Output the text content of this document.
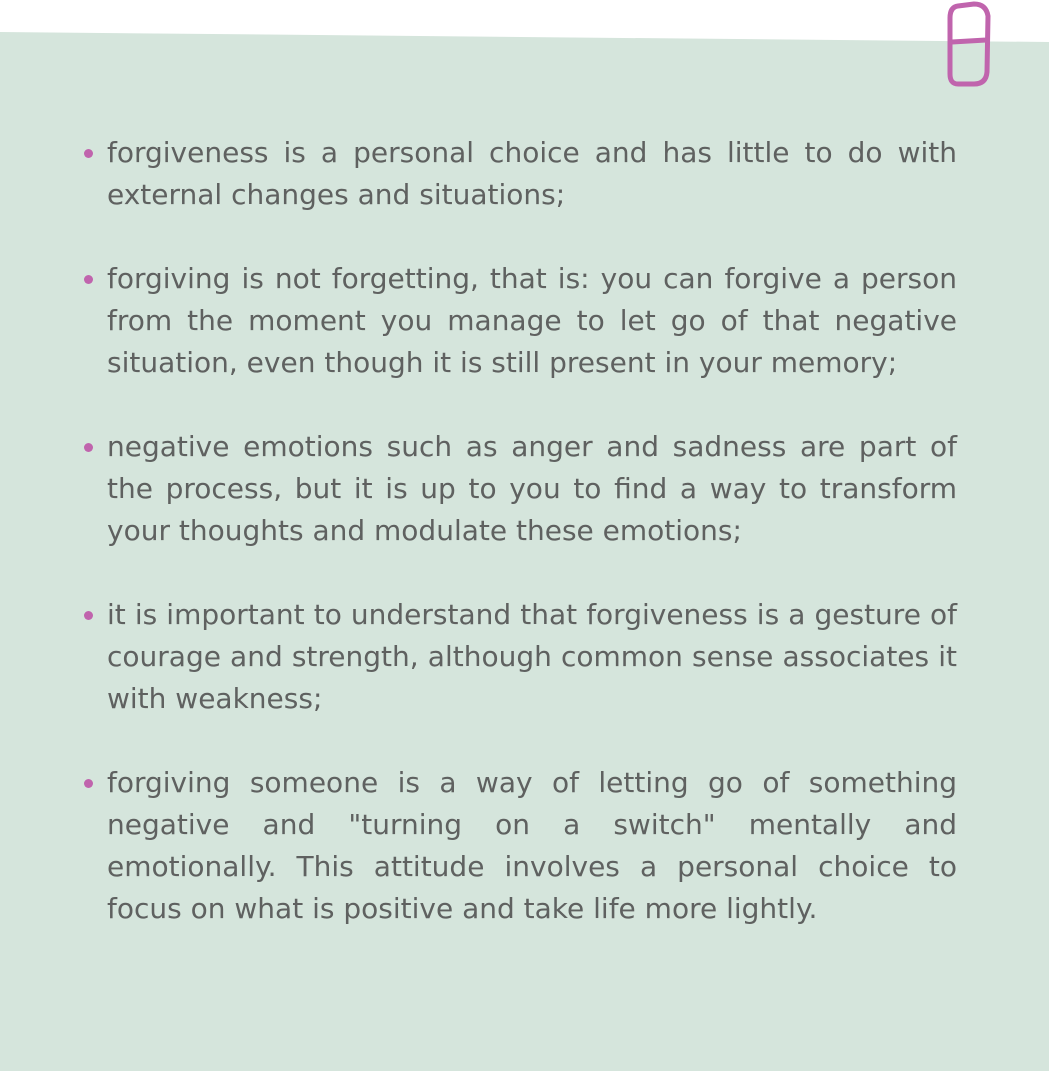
forgiveness is a personal choice and has little to do with external changes and situations;
forgiving is not forgetting, that is: you can forgive a person from the moment you manage to let go of that negative situation, even though it is still present in your memory;
negative emotions such as anger and sadness are part of the process, but it is up to you to find a way to transform your thoughts and modulate these emotions;
it is important to understand that forgiveness is a gesture of courage and strength, although common sense associates it with weakness;
forgiving someone is a way of letting go of something negative and "turning on a switch" mentally and emotionally. This attitude involves a personal choice to focus on what is positive and take life more lightly.
